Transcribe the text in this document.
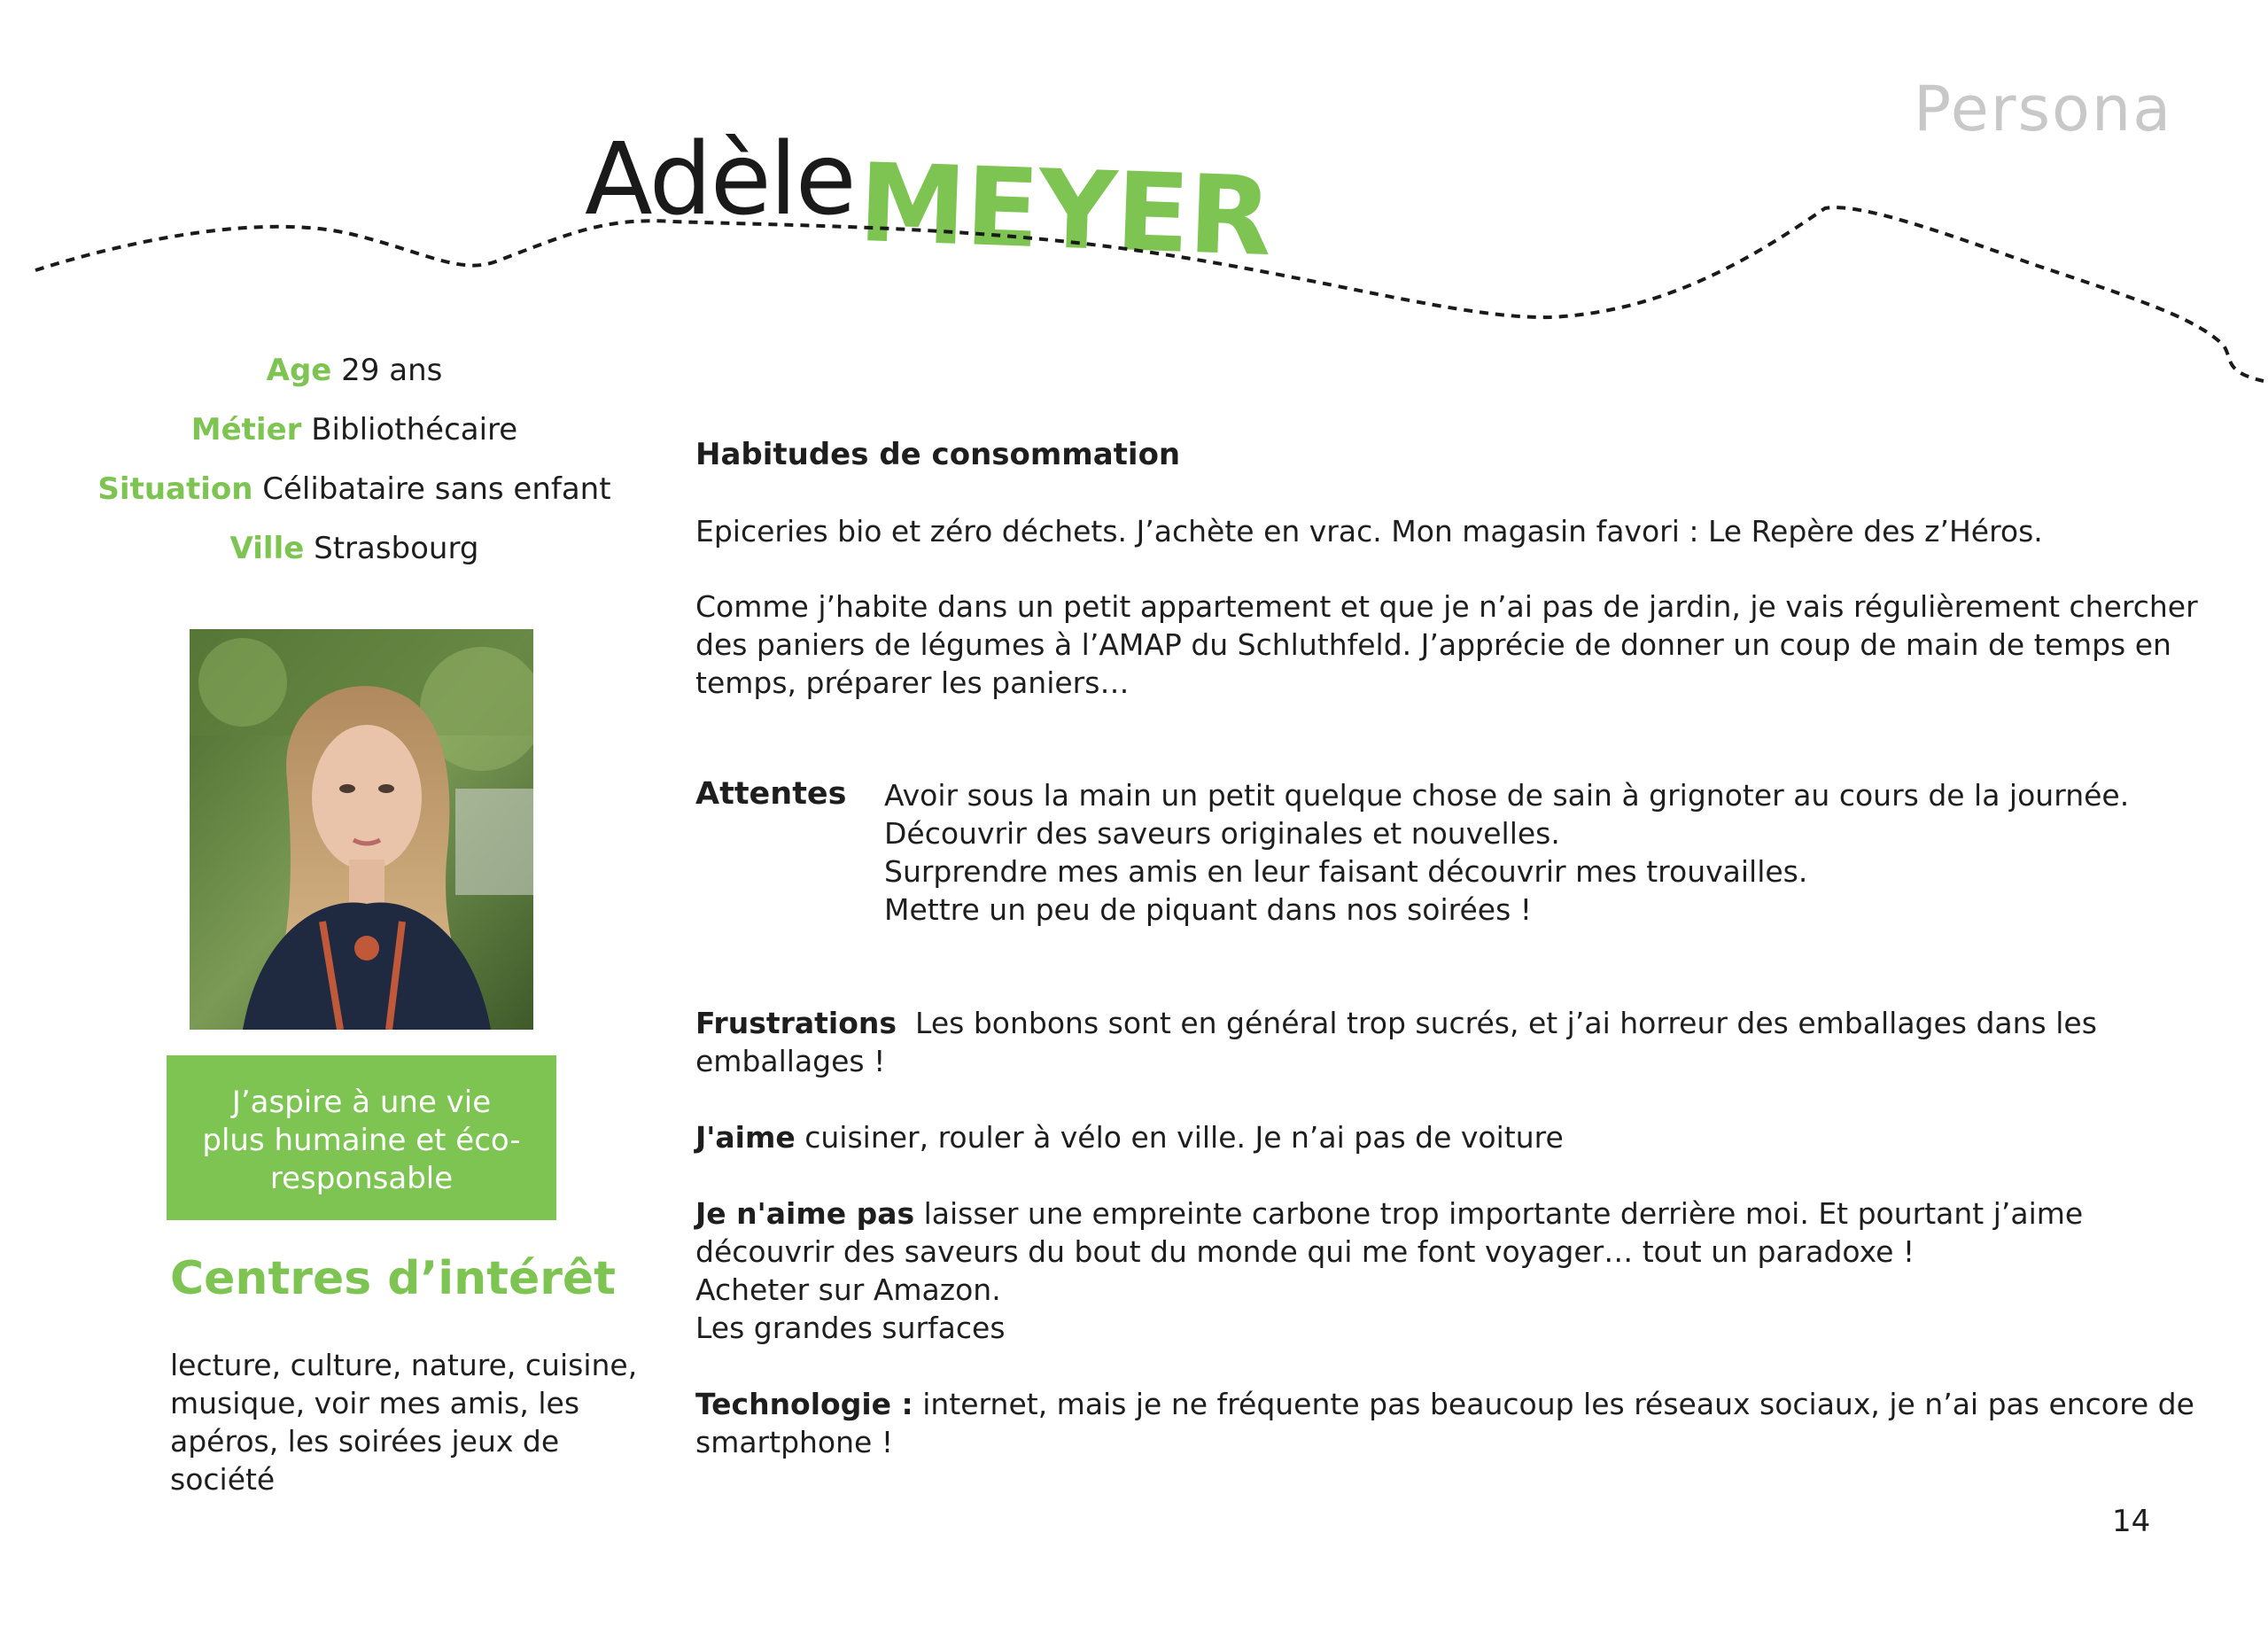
Persona
Adèle MEYER
Age 29 ans
Métier Bibliothécaire
Situation Célibataire sans enfant
Ville Strasbourg
J’aspire à une vie
plus humaine et éco-
responsable
Centres d’intérêt
lecture, culture, nature, cuisine,
musique, voir mes amis, les
apéros, les soirées jeux de
société
Habitudes de consommation
Epiceries bio et zéro déchets. J’achète en vrac. Mon magasin favori : Le Repère des z’Héros.
Comme j’habite dans un petit appartement et que je n’ai pas de jardin, je vais régulièrement chercher
des paniers de légumes à l’AMAP du Schluthfeld. J’apprécie de donner un coup de main de temps en
temps, préparer les paniers…
Attentes Avoir sous la main un petit quelque chose de sain à grignoter au cours de la journée.
Découvrir des saveurs originales et nouvelles.
Surprendre mes amis en leur faisant découvrir mes trouvailles.
Mettre un peu de piquant dans nos soirées !
Frustrations Les bonbons sont en général trop sucrés, et j’ai horreur des emballages dans les
emballages !
J'aime cuisiner, rouler à vélo en ville. Je n’ai pas de voiture
Je n'aime pas laisser une empreinte carbone trop importante derrière moi. Et pourtant j’aime
découvrir des saveurs du bout du monde qui me font voyager… tout un paradoxe !
Acheter sur Amazon.
Les grandes surfaces
Technologie : internet, mais je ne fréquente pas beaucoup les réseaux sociaux, je n’ai pas encore de
smartphone !
14
